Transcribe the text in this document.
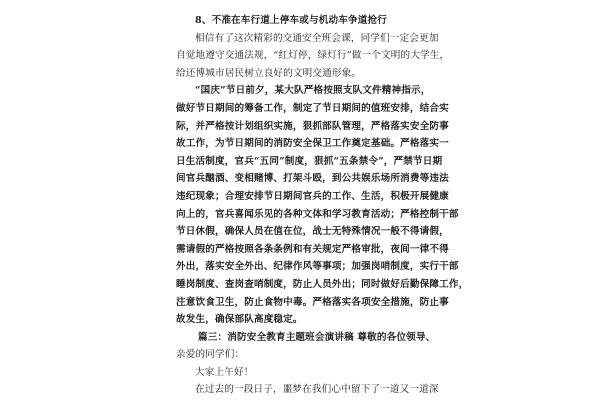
8、不准在车行道上停车或与机动车争道抢行
相信有了这次精彩的交通安全班会课，同学们一定会更加
自觉地遵守交通法规，“红灯停，绿灯行”做一个文明的大学生，
给还博城市居民树立良好的文明交通形象。
“国庆”节日前夕，某大队严格按照支队文件精神指示，
做好节日期间的筹备工作，制定了节日期间的值班安排，结合实
际，并严格按计划组织实施，狠抓部队管理，严格落实安全防事
故工作，为节日期间的消防安全保卫工作奠定基础。严格落实一
日生活制度，官兵“五同”制度，狠抓“五条禁令”，严禁节日期
间官兵酗酒、变相赌博、打架斗殴，到公共娱乐场所消费等违法
违纪现象；合理安排节日期间官兵的工作、生活，积极开展健康
向上的，官兵喜闻乐见的各种文体和学习教育活动；严格控制干部
节日休假，确保人员在值在位，战士无特殊情况一般不得请假，
需请假的严格按照各条条例和有关规定严格审批，夜间一律不得
外出，落实安全外出、纪律作风等事项；加强岗哨制度，实行干部
睡岗制度、查岗查哨制度，防止人员外出；同时做好后勤保障工作，
注意饮食卫生，防止食物中毒。严格落实各项安全措施，防止事
故发生，确保部队高度稳定。
篇三：消防安全教育主题班会演讲稿 尊敬的各位领导、
亲爱的同学们：
大家上午好！
在过去的一段日子，噩梦在我们心中留下了一道又一道深
